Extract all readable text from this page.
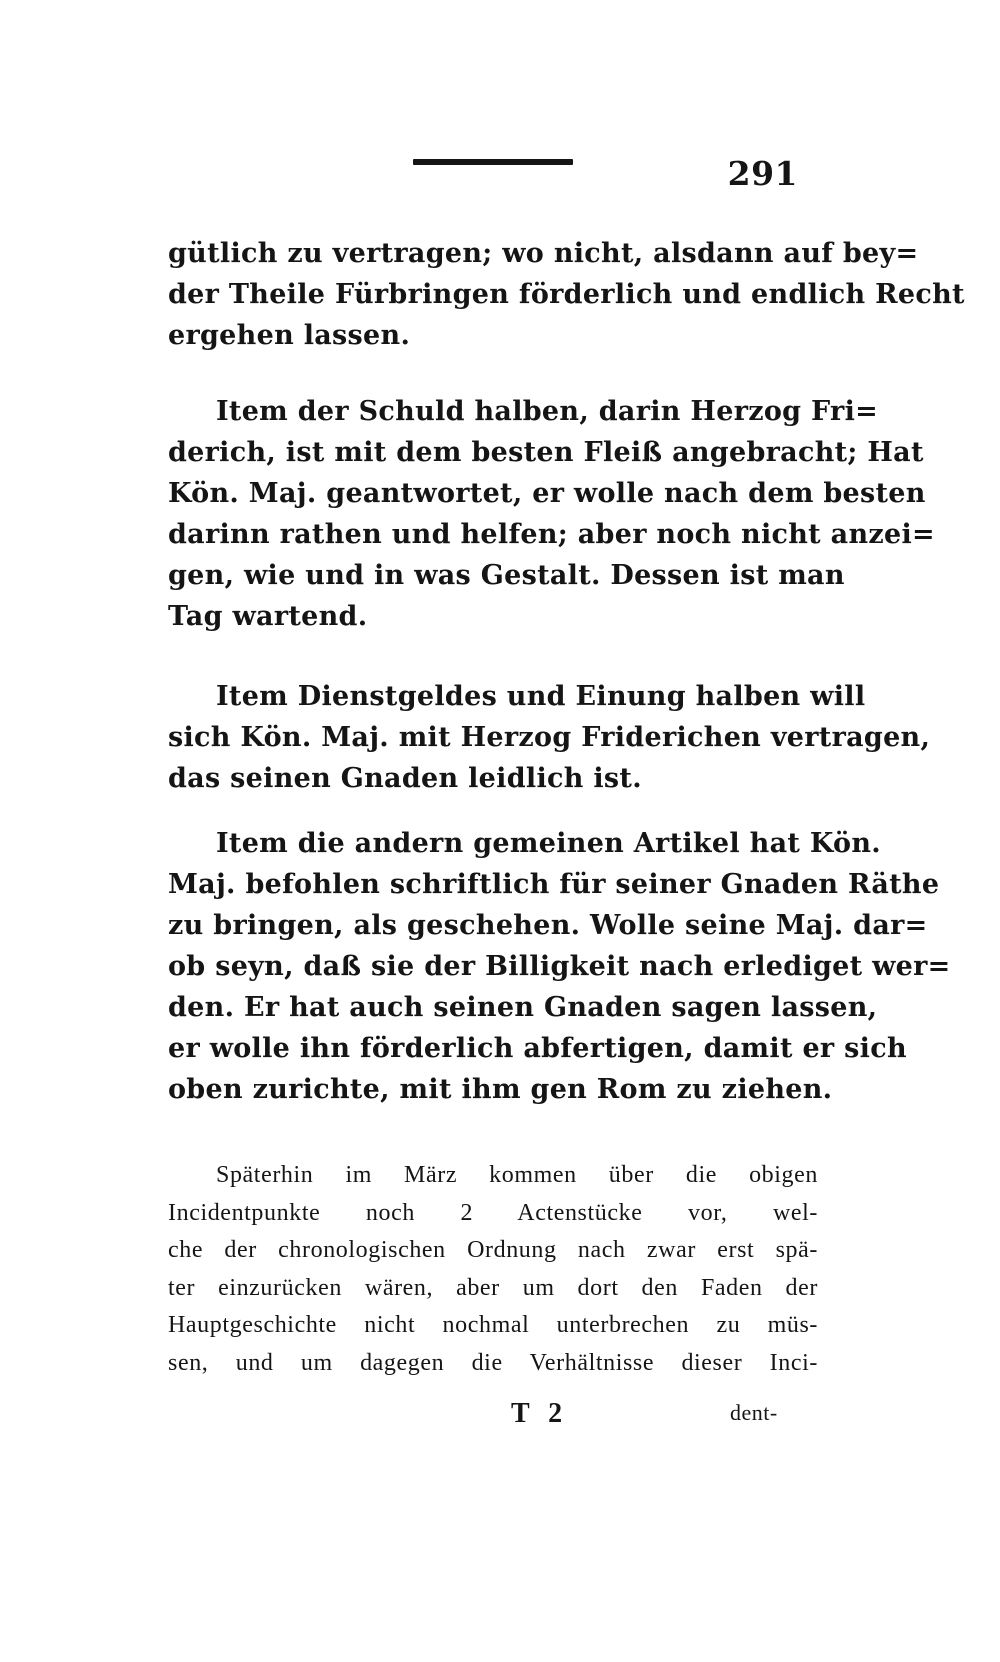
291

gütlich zu vertragen; wo nicht, alsdann auf bey=
der Theile Fürbringen förderlich und endlich Recht
ergehen lassen.

Item der Schuld halben, darin Herzog Fri=
derich, ist mit dem besten Fleiß angebracht; Hat
Kön. Maj. geantwortet, er wolle nach dem besten
darinn rathen und helfen; aber noch nicht anzei=
gen, wie und in was Gestalt. Dessen ist man
Tag wartend.

Item Dienstgeldes und Einung halben will
sich Kön. Maj. mit Herzog Friderichen vertragen,
das seinen Gnaden leidlich ist.

Item die andern gemeinen Artikel hat Kön.
Maj. befohlen schriftlich für seiner Gnaden Räthe
zu bringen, als geschehen. Wolle seine Maj. dar=
ob seyn, daß sie der Billigkeit nach erlediget wer=
den. Er hat auch seinen Gnaden sagen lassen,
er wolle ihn förderlich abfertigen, damit er sich
oben zurichte, mit ihm gen Rom zu ziehen.

Späterhin im März kommen über die obigen
Incidentpunkte noch 2 Actenstücke vor, wel-
che der chronologischen Ordnung nach zwar erst spä-
ter einzurücken wären, aber um dort den Faden der
Hauptgeschichte nicht nochmal unterbrechen zu müs-
sen, und um dagegen die Verhältnisse dieser Inci-
T 2	dent-
